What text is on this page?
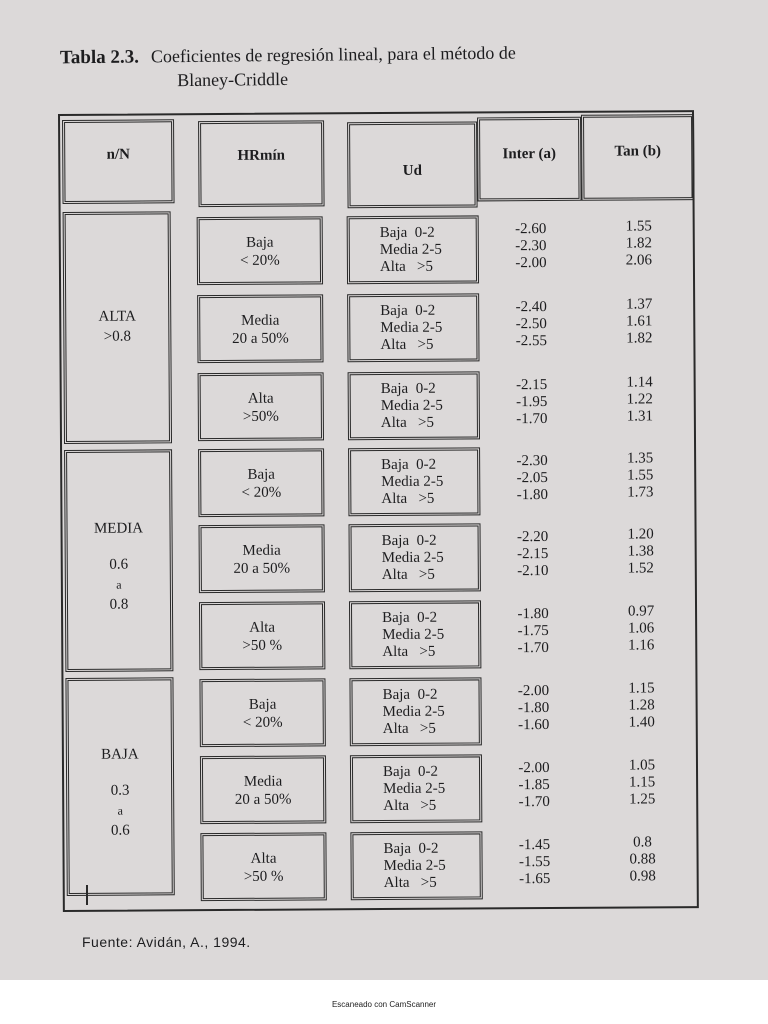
Tabla 2.3. Coeficientes de regresión lineal, para el método de
Blaney-Criddle
n/N	HRmín
Ud
Inter (a)	Tan (b)
ALTA
>0.8
MEDIA
0.6
a
0.8
BAJA
0.3
a
0.6
Baja
< 20%
Baja  0-2
Media 2-5
Alta   >5
-2.60
-2.30
-2.00
1.55
1.82
2.06
Media
20 a 50%
Baja  0-2
Media 2-5
Alta   >5
-2.40
-2.50
-2.55
1.37
1.61
1.82
Alta
>50%
Baja  0-2
Media 2-5
Alta   >5
-2.15
-1.95
-1.70
1.14
1.22
1.31
Baja
< 20%
Baja  0-2
Media 2-5
Alta   >5
-2.30
-2.05
-1.80
1.35
1.55
1.73
Media
20 a 50%
Baja  0-2
Media 2-5
Alta   >5
-2.20
-2.15
-2.10
1.20
1.38
1.52
Alta
>50 %
Baja  0-2
Media 2-5
Alta   >5
-1.80
-1.75
-1.70
0.97
1.06
1.16
Baja
< 20%
Baja  0-2
Media 2-5
Alta   >5
-2.00
-1.80
-1.60
1.15
1.28
1.40
Media
20 a 50%
Baja  0-2
Media 2-5
Alta   >5
-2.00
-1.85
-1.70
1.05
1.15
1.25
Alta
>50 %
Baja  0-2
Media 2-5
Alta   >5
-1.45
-1.55
-1.65
0.8
0.88
0.98
Fuente: Avidán, A., 1994.
Escaneado con CamScanner
